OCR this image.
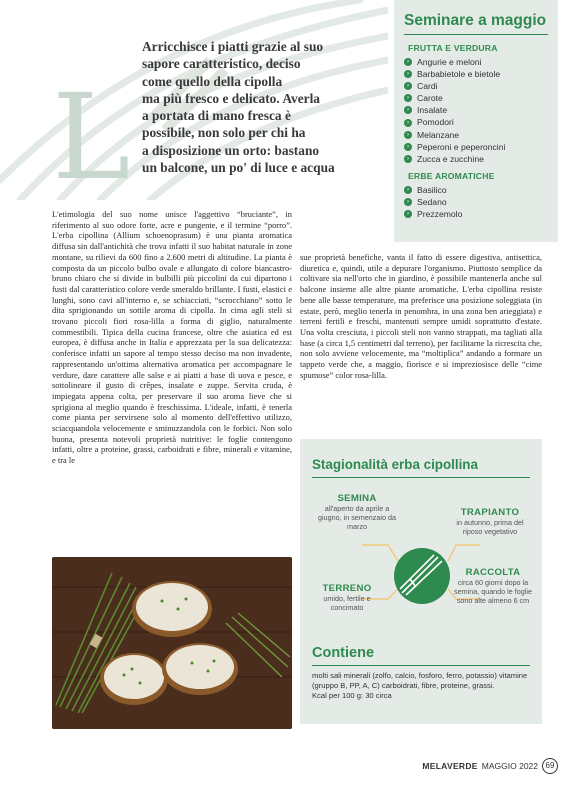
L
Arricchisce i piatti grazie al suo
sapore caratteristico, deciso
come quello della cipolla
ma più fresco e delicato. Averla
a portata di mano fresca è
possibile, non solo per chi ha
a disposizione un orto: bastano
un balcone, un po' di luce e acqua
Seminare a maggio
FRUTTA E VERDURA
› Angurie e meloni
› Barbabietole e bietole
› Cardi
› Carote
› Insalate
› Pomodori
› Melanzane
› Peperoni e peperoncini
› Zucca e zucchine
ERBE AROMATICHE
› Basilico
› Sedano
› Prezzemolo
L'etimologia del suo nome unisce l'aggettivo “bruciante”, in riferimento al suo odore forte, acre e pungente, e il termine “porro”. L'erba cipollina (Allium schoenoprasum) è una pianta aromatica diffusa sin dall'antichità che trova infatti il suo habitat naturale in zone montane, su rilievi da 600 fino a 2.600 metri di altitudine. La pianta è composta da un piccolo bulbo ovale e allungato di colore biancastro-bruno chiaro che si divide in bulbilli più piccolini da cui dipartono i fusti dal caratteristico colore verde smeraldo brillante. I fusti, elastici e lunghi, sono cavi all'interno e, se schiacciati, “scrocchiano” sotto le dita sprigionando un sottile aroma di cipolla. In cima agli steli si trovano piccoli fiori rosa-lilla a forma di giglio, naturalmente commestibili. Tipica della cucina francese, oltre che asiatica ed est europea, è diffusa anche in Italia e apprezzata per la sua delicatezza: conferisce infatti un sapore al tempo stesso deciso ma non invadente, rappresentando un'ottima alternativa aromatica per accompagnare le verdure, dare carattere alle salse e ai piatti a base di uova e pesce, e sottolineare il gusto di crêpes, insalate e zuppe. Servita cruda, è impiegata appena colta, per preservare il suo aroma lieve che si sprigiona al meglio quando è freschissima. L'ideale, infatti, è tenerla come pianta per servirsene solo al momento dell'effettivo utilizzo, sciacquandola velocemente e sminuzzandola con le forbici. Non solo buona, presenta notevoli proprietà nutritive: le foglie contengono infatti, oltre a proteine, grassi, carboidrati e fibre, minerali e vitamine, e tra le
sue proprietà benefiche, vanta il fatto di essere digestiva, antisettica, diuretica e, quindi, utile a depurare l'organismo. Piuttosto semplice da coltivare sia nell'orto che in giardino, è possibile mantenerla anche sul balcone insieme alle altre piante aromatiche. L'erba cipollina resiste bene alle basse temperature, ma preferisce una posizione soleggiata (in estate, però, meglio tenerla in penombra, in una zona ben arieggiata) e terreni fertili e freschi, mantenuti sempre umidi soprattutto d'estate. Una volta cresciuta, i piccoli steli non vanno strappati, ma tagliati alla base (a circa 1,5 centimetri dal terreno), per facilitarne la ricrescita che, non solo avviene velocemente, ma “moltiplica” andando a formare un tappeto verde che, a maggio, fiorisce e si impreziosisce delle “cime spumose” color rosa-lilla.
Stagionalità erba cipollina
SEMINA
all'aperto da aprile a giugno, in semenzaio da marzo
TRAPIANTO
in autunno, prima del riposo vegetativo
TERRENO
umido, fertile e concimato
RACCOLTA
circa 60 giorni dopo la semina, quando le foglie sono alte almeno 6 cm
Contiene
molti sali minerali (zolfo, calcio, fosforo, ferro, potassio) vitamine (gruppo B, PP, A, C) carboidrati, fibre, proteine, grassi.
Kcal per 100 g: 30 circa
MELAVERDE MAGGIO 2022 69
